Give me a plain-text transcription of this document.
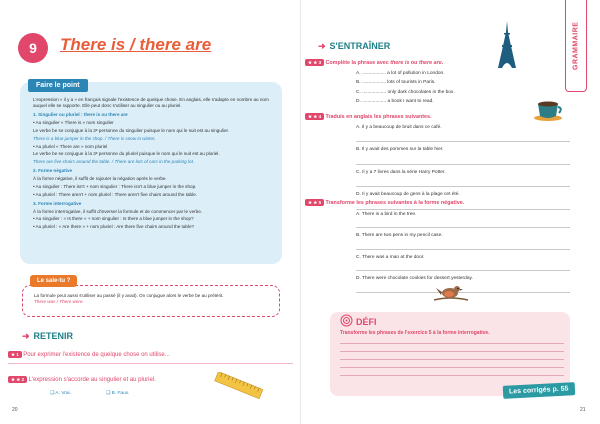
9	There is / there are
Faire le point

L'expression « il y a » en français signale l'existence de quelque chose. En anglais, elle s'adapte en nombre au nom auquel elle se rapporte. Elle peut donc s'utiliser au singulier ou au pluriel.

1. Singulier ou pluriel : there is ou there are

• Au singulier « There is » nom singulier

Le verbe be se conjugue à la 3ᵉ personne du singulier puisque le nom qui le suit est au singulier.

There is a blue jumper in the shop. / There is snow in winter.

• Au pluriel « There are » nom pluriel

Le verbe be se conjugue à la 3ᵉ personne du pluriel puisque le nom qui le suit est au pluriel.

There are five chairs around the table. / There are lots of cars in the parking lot.

2. Forme négative

À la forme négative, il suffit de rajouter la négation après le verbe.

• Au singulier : There isn't + nom singulier : There isn't a blue jumper in the shop.

• Au pluriel : There aren't + nom pluriel : There aren't five chairs around the table.

3. Forme interrogative

À la forme interrogative, il suffit d'inverser la formule et de commencer par le verbe.

• Au singulier : « Is there » + nom singulier : Is there a blue jumper in the shop?

• Au pluriel : « Are there » + nom pluriel : Are there five chairs around the table?

Le saie-tu ?

La formule peut aussi s'utiliser au passé (il y avait). On conjugue alors le verbe be au prétérit.

There was / There were.

➜ RETENIR
★ 1 Pour exprimer l'existence de quelque chose on utilise...
★ ★ 2 L'expression s'accorde au singulier et au pluriel.
❑ A. Vrai.	❑ B. Faux.
20
GRAMMAIRE
➜ S'ENTRAÎNER
★ ★ 3 Complète la phrase avec there is ou there are.

A. .................. a lot of pollution in London.

B. .................. lots of tourists in Paris.

C. .................. only dark chocolates in the box.

D. .................. a book I want to read.

★ ★ 4 Traduis en anglais les phrases suivantes.

A. Il y a beaucoup de bruit dans ce café.

B. Il y avait des pommes sur la table hier.

C. Il y a 7 livres dans la série Harry Potter.

D. Il y avait beaucoup de gens à la plage cet été.

★ ★ 5 Transforme les phrases suivantes à la forme négative.

A. There is a bird in the tree.

B. There are two pens in my pencil case.

C. There was a man at the door.

D. There were chocolate cookies for dessert yesterday.

DÉFI
Transforme les phrases de l'exercice 5 à la forme interrogative.
Les corrigés p. 55
21
